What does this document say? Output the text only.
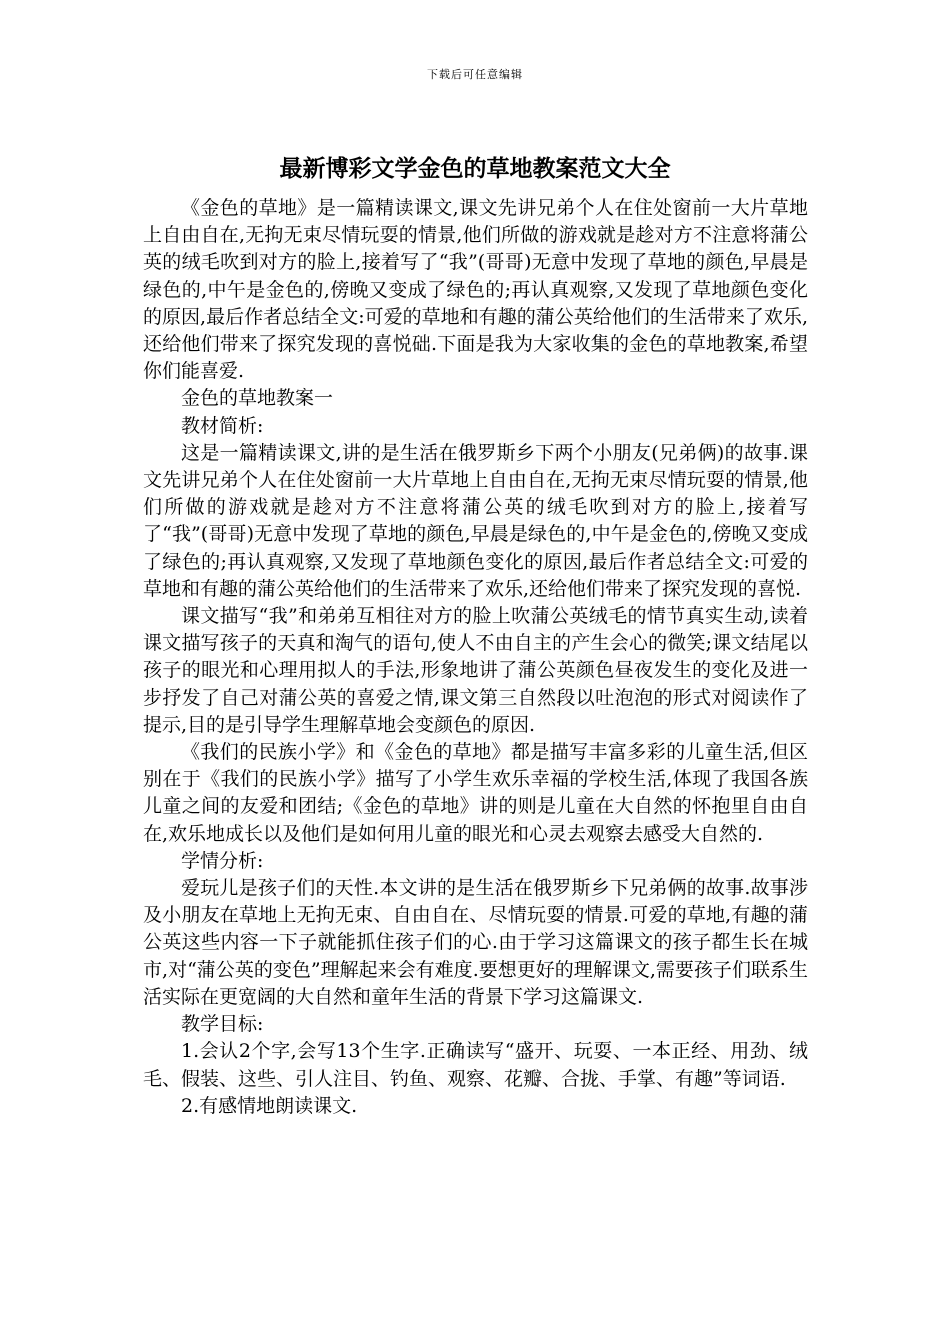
下载后可任意编辑
最新博彩文学金色的草地教案范文大全

《金色的草地》是一篇精读课文,课文先讲兄弟个人在住处窗前一大片草地上自由自在,无拘无束尽情玩耍的情景,他们所做的游戏就是趁对方不注意将蒲公英的绒毛吹到对方的脸上,接着写了“我”(哥哥)无意中发现了草地的颜色,早晨是绿色的,中午是金色的,傍晚又变成了绿色的;再认真观察,又发现了草地颜色变化的原因,最后作者总结全文:可爱的草地和有趣的蒲公英给他们的生活带来了欢乐,还给他们带来了探究发现的喜悦础.下面是我为大家收集的金色的草地教案,希望你们能喜爱.

金色的草地教案一

教材简析:

这是一篇精读课文,讲的是生活在俄罗斯乡下两个小朋友(兄弟俩)的故事.课文先讲兄弟个人在住处窗前一大片草地上自由自在,无拘无束尽情玩耍的情景,他们所做的游戏就是趁对方不注意将蒲公英的绒毛吹到对方的脸上,接着写了“我”(哥哥)无意中发现了草地的颜色,早晨是绿色的,中午是金色的,傍晚又变成了绿色的;再认真观察,又发现了草地颜色变化的原因,最后作者总结全文:可爱的草地和有趣的蒲公英给他们的生活带来了欢乐,还给他们带来了探究发现的喜悦.

课文描写“我”和弟弟互相往对方的脸上吹蒲公英绒毛的情节真实生动,读着课文描写孩子的天真和淘气的语句,使人不由自主的产生会心的微笑;课文结尾以孩子的眼光和心理用拟人的手法,形象地讲了蒲公英颜色昼夜发生的变化及进一步抒发了自己对蒲公英的喜爱之情,课文第三自然段以吐泡泡的形式对阅读作了提示,目的是引导学生理解草地会变颜色的原因.

《我们的民族小学》和《金色的草地》都是描写丰富多彩的儿童生活,但区别在于《我们的民族小学》描写了小学生欢乐幸福的学校生活,体现了我国各族儿童之间的友爱和团结;《金色的草地》讲的则是儿童在大自然的怀抱里自由自在,欢乐地成长以及他们是如何用儿童的眼光和心灵去观察去感受大自然的.

学情分析:

爱玩儿是孩子们的天性.本文讲的是生活在俄罗斯乡下兄弟俩的故事.故事涉及小朋友在草地上无拘无束、自由自在、尽情玩耍的情景.可爱的草地,有趣的蒲公英这些内容一下子就能抓住孩子们的心.由于学习这篇课文的孩子都生长在城市,对“蒲公英的变色”理解起来会有难度.要想更好的理解课文,需要孩子们联系生活实际在更宽阔的大自然和童年生活的背景下学习这篇课文.

教学目标:

1.会认2个字,会写13个生字.正确读写“盛开、玩耍、一本正经、用劲、绒毛、假装、这些、引人注目、钓鱼、观察、花瓣、合拢、手掌、有趣”等词语.

2.有感情地朗读课文.
